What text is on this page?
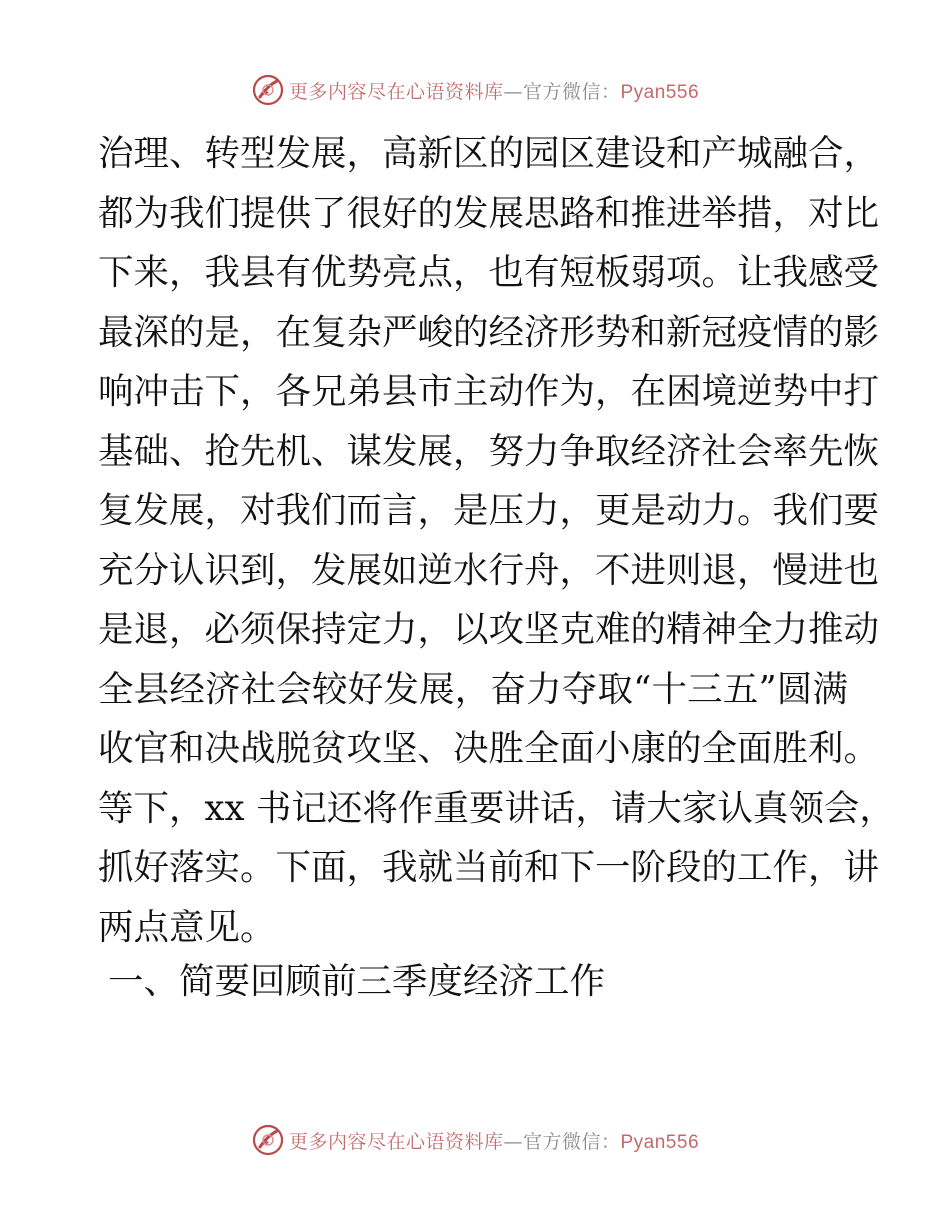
更多内容尽在心语资料库—官方微信：Pyan556
治理、转型发展，高新区的园区建设和产城融合，
都为我们提供了很好的发展思路和推进举措，对比
下来，我县有优势亮点，也有短板弱项。让我感受
最深的是，在复杂严峻的经济形势和新冠疫情的影
响冲击下，各兄弟县市主动作为，在困境逆势中打
基础、抢先机、谋发展，努力争取经济社会率先恢
复发展，对我们而言，是压力，更是动力。我们要
充分认识到，发展如逆水行舟，不进则退，慢进也
是退，必须保持定力，以攻坚克难的精神全力推动
全县经济社会较好发展，奋力夺取“十三五”圆满
收官和决战脱贫攻坚、决胜全面小康的全面胜利。
等下，xx 书记还将作重要讲话，请大家认真领会，
抓好落实。下面，我就当前和下一阶段的工作，讲
两点意见。
一、简要回顾前三季度经济工作
更多内容尽在心语资料库—官方微信：Pyan556
